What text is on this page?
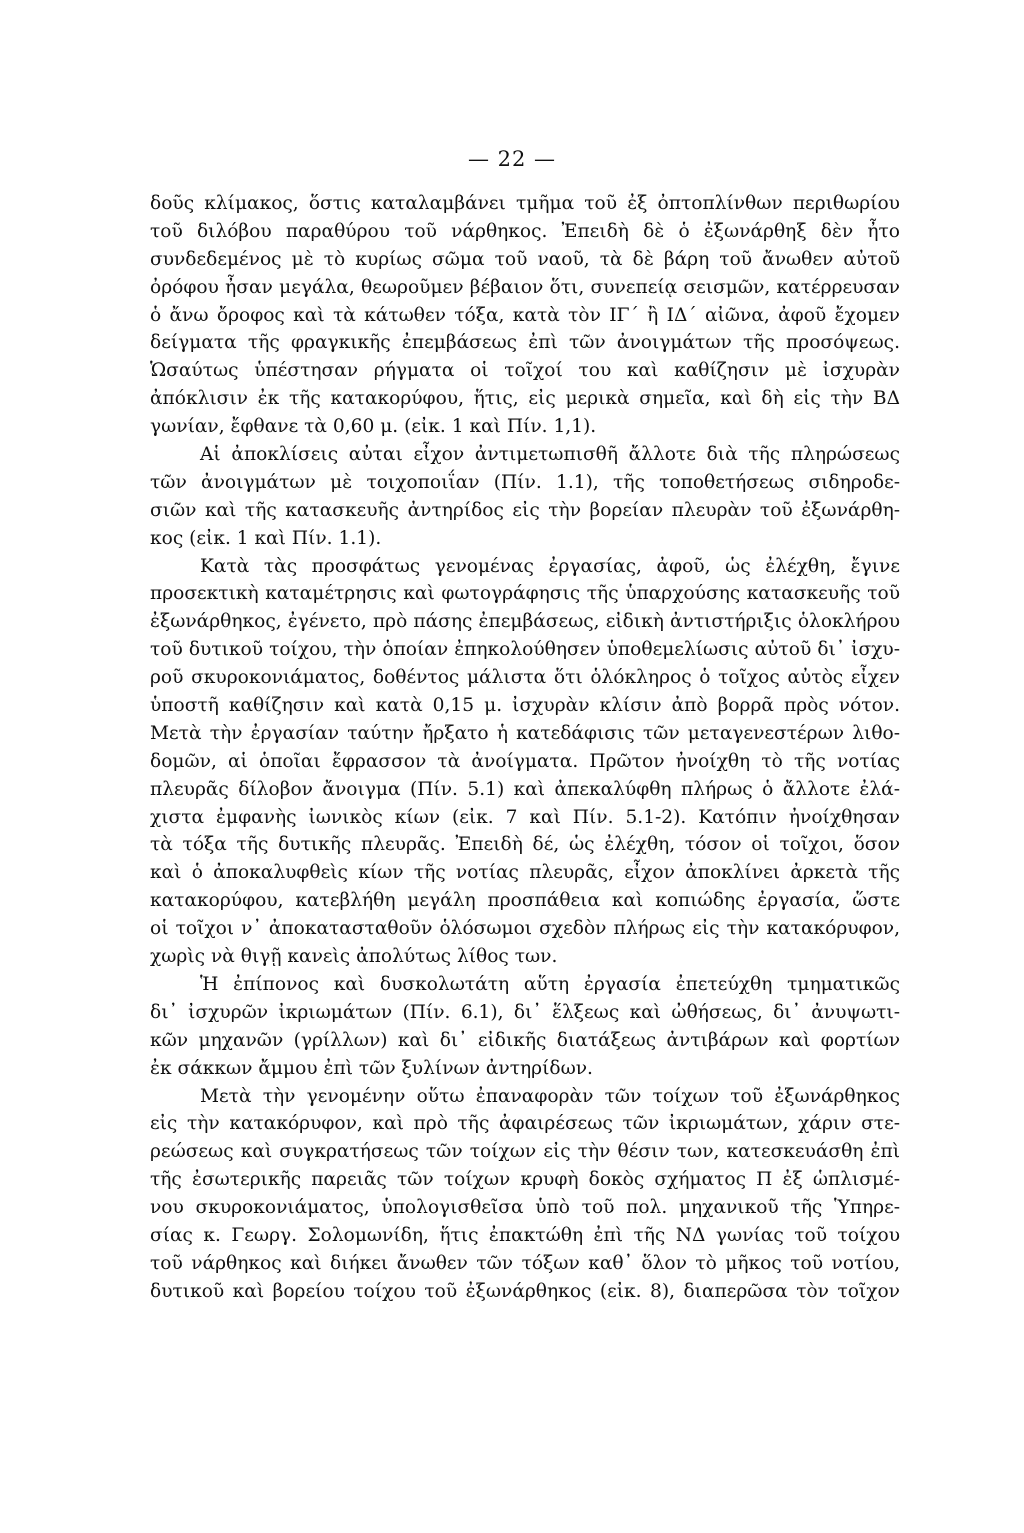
— 22 —
δοῦς κλίμακος, ὅστις καταλαμβάνει τμῆμα τοῦ ἐξ ὀπτοπλίνθων περιθωρίου
τοῦ διλόβου παραθύρου τοῦ νάρθηκος. Ἐπειδὴ δὲ ὁ ἐξωνάρθηξ δὲν ἦτο
συνδεδεμένος μὲ τὸ κυρίως σῶμα τοῦ ναοῦ, τὰ δὲ βάρη τοῦ ἄνωθεν αὐτοῦ
ὀρόφου ἦσαν μεγάλα, θεωροῦμεν βέβαιον ὅτι, συνεπείᾳ σεισμῶν, κατέρρευσαν
ὁ ἄνω ὄροφος καὶ τὰ κάτωθεν τόξα, κατὰ τὸν ΙΓ΄ ἢ ΙΔ΄ αἰῶνα, ἀφοῦ ἔχομεν
δείγματα τῆς φραγκικῆς ἐπεμβάσεως ἐπὶ τῶν ἀνοιγμάτων τῆς προσόψεως.
Ὡσαύτως ὑπέστησαν ρήγματα οἱ τοῖχοί του καὶ καθίζησιν μὲ ἰσχυρὰν
ἀπόκλισιν ἐκ τῆς κατακορύφου, ἥτις, εἰς μερικὰ σημεῖα, καὶ δὴ εἰς τὴν ΒΔ
γωνίαν, ἔφθανε τὰ 0,60 μ. (εἰκ. 1 καὶ Πίν. 1,1).
Αἱ ἀποκλίσεις αὐται εἶχον ἀντιμετωπισθῆ ἄλλοτε διὰ τῆς πληρώσεως
τῶν ἀνοιγμάτων μὲ τοιχοποιΐαν (Πίν. 1.1), τῆς τοποθετήσεως σιδηροδε-
σιῶν καὶ τῆς κατασκευῆς ἀντηρίδος εἰς τὴν βορείαν πλευρὰν τοῦ ἐξωνάρθη-
κος (εἰκ. 1 καὶ Πίν. 1.1).
Κατὰ τὰς προσφάτως γενομένας ἐργασίας, ἀφοῦ, ὡς ἐλέχθη, ἔγινε
προσεκτικὴ καταμέτρησις καὶ φωτογράφησις τῆς ὑπαρχούσης κατασκευῆς τοῦ
ἐξωνάρθηκος, ἐγένετο, πρὸ πάσης ἐπεμβάσεως, εἰδικὴ ἀντιστήριξις ὁλοκλήρου
τοῦ δυτικοῦ τοίχου, τὴν ὁποίαν ἐπηκολούθησεν ὑποθεμελίωσις αὐτοῦ δι᾿ ἰσχυ-
ροῦ σκυροκονιάματος, δοθέντος μάλιστα ὅτι ὁλόκληρος ὁ τοῖχος αὐτὸς εἶχεν
ὑποστῆ καθίζησιν καὶ κατὰ 0,15 μ. ἰσχυρὰν κλίσιν ἀπὸ βορρᾶ πρὸς νότον.
Μετὰ τὴν ἐργασίαν ταύτην ἤρξατο ἡ κατεδάφισις τῶν μεταγενεστέρων λιθο-
δομῶν, αἱ ὁποῖαι ἔφρασσον τὰ ἀνοίγματα. Πρῶτον ἠνοίχθη τὸ τῆς νοτίας
πλευρᾶς δίλοβον ἄνοιγμα (Πίν. 5.1) καὶ ἀπεκαλύφθη πλήρως ὁ ἄλλοτε ἐλά-
χιστα ἐμφανὴς ἰωνικὸς κίων (εἰκ. 7 καὶ Πίν. 5.1-2). Κατόπιν ἠνοίχθησαν
τὰ τόξα τῆς δυτικῆς πλευρᾶς. Ἐπειδὴ δέ, ὡς ἐλέχθη, τόσον οἱ τοῖχοι, ὅσον
καὶ ὁ ἀποκαλυφθεὶς κίων τῆς νοτίας πλευρᾶς, εἶχον ἀποκλίνει ἀρκετὰ τῆς
κατακορύφου, κατεβλήθη μεγάλη προσπάθεια καὶ κοπιώδης ἐργασία, ὥστε
οἱ τοῖχοι ν᾿ ἀποκατασταθοῦν ὁλόσωμοι σχεδὸν πλήρως εἰς τὴν κατακόρυφον,
χωρὶς νὰ θιγῇ κανεὶς ἀπολύτως λίθος των.
Ἡ ἐπίπονος καὶ δυσκολωτάτη αὕτη ἐργασία ἐπετεύχθη τμηματικῶς
δι᾿ ἰσχυρῶν ἰκριωμάτων (Πίν. 6.1), δι᾿ ἕλξεως καὶ ὠθήσεως, δι᾿ ἀνυψωτι-
κῶν μηχανῶν (γρίλλων) καὶ δι᾿ εἰδικῆς διατάξεως ἀντιβάρων καὶ φορτίων
ἐκ σάκκων ἄμμου ἐπὶ τῶν ξυλίνων ἀντηρίδων.
Μετὰ τὴν γενομένην οὕτω ἐπαναφορὰν τῶν τοίχων τοῦ ἐξωνάρθηκος
εἰς τὴν κατακόρυφον, καὶ πρὸ τῆς ἀφαιρέσεως τῶν ἰκριωμάτων, χάριν στε-
ρεώσεως καὶ συγκρατήσεως τῶν τοίχων εἰς τὴν θέσιν των, κατεσκευάσθη ἐπὶ
τῆς ἐσωτερικῆς παρειᾶς τῶν τοίχων κρυφὴ δοκὸς σχήματος Π ἐξ ὡπλισμέ-
νου σκυροκονιάματος, ὑπολογισθεῖσα ὑπὸ τοῦ πολ. μηχανικοῦ τῆς Ὑπηρε-
σίας κ. Γεωργ. Σολομωνίδη, ἥτις ἐπακτώθη ἐπὶ τῆς ΝΔ γωνίας τοῦ τοίχου
τοῦ νάρθηκος καὶ διήκει ἄνωθεν τῶν τόξων καθ᾿ ὅλον τὸ μῆκος τοῦ νοτίου,
δυτικοῦ καὶ βορείου τοίχου τοῦ ἐξωνάρθηκος (εἰκ. 8), διαπερῶσα τὸν τοῖχον
